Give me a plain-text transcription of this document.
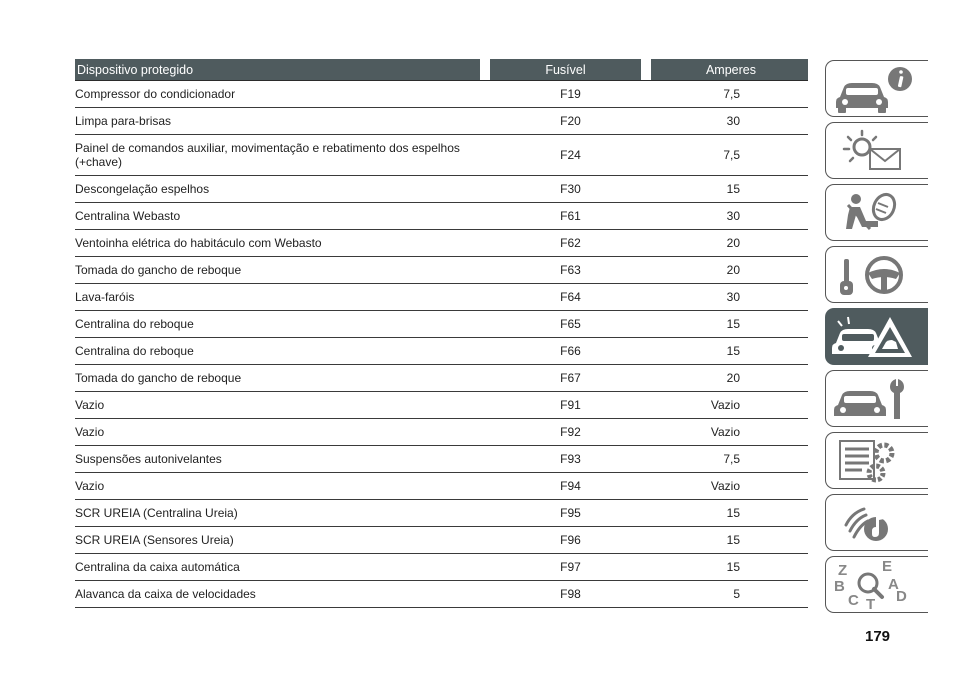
Dispositivo protegido		Fusível		Amperes
Compressor do condicionador		F19		7,5
Limpa para-brisas		F20		30

Painel de comandos auxiliar, movimentação e rebatimento dos espelhos (+chave)		F24		7,5
Descongelação espelhos		F30		15
Centralina Webasto		F61		30
Ventoinha elétrica do habitáculo com Webasto		F62		20
Tomada do gancho de reboque		F63		20
Lava-faróis		F64		30
Centralina do reboque		F65		15
Centralina do reboque		F66		15
Tomada do gancho de reboque		F67		20
Vazio		F91		Vazio
Vazio		F92		Vazio
Suspensões autonivelantes		F93		7,5
Vazio		F94		Vazio
SCR UREIA (Centralina Ureia)		F95		15
SCR UREIA (Sensores Ureia)		F96		15
Centralina da caixa automática		F97		15
Alavanca da caixa de velocidades		F98		5
Z E
B	A
C D
T
179
